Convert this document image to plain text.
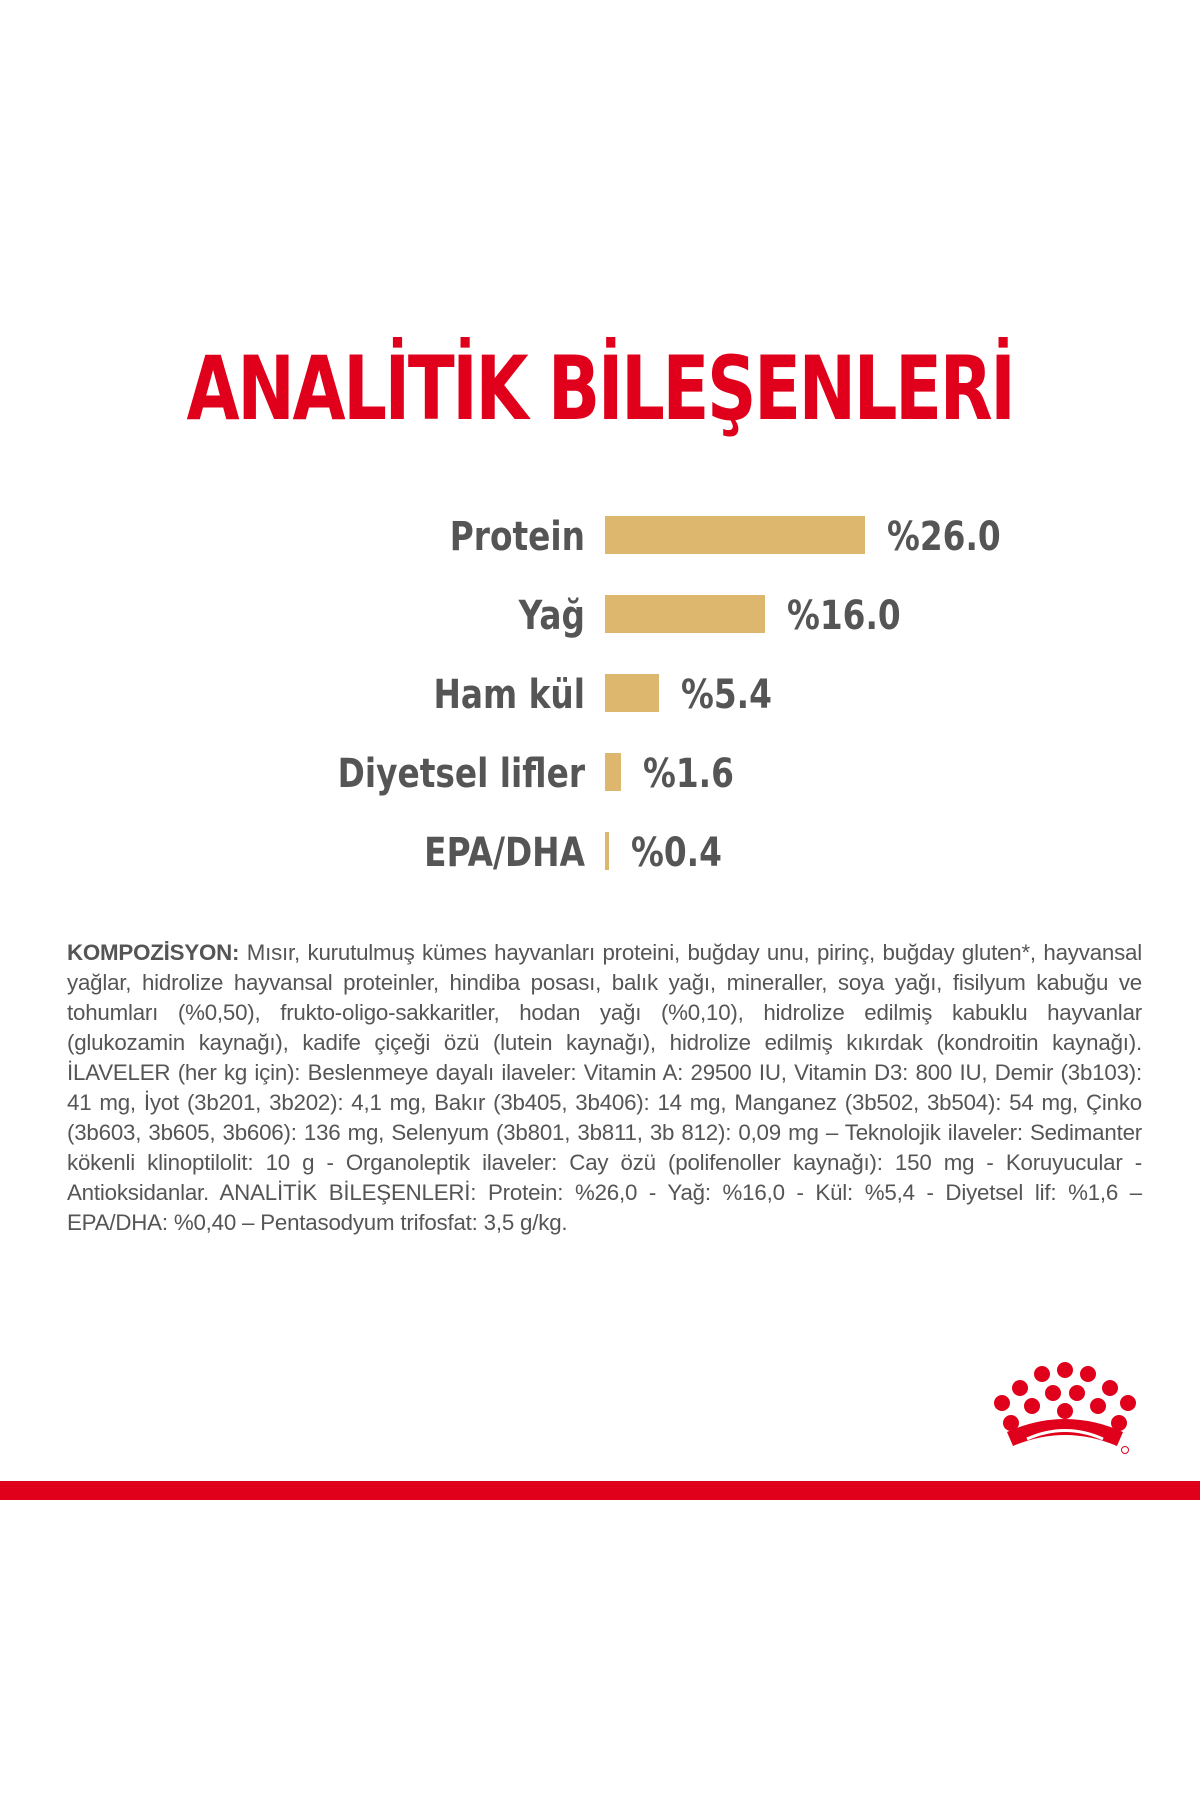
ANALİTİK BİLEŞENLERİ
Protein	%26.0
Yağ	%16.0
Ham kül %5.4
Diyetsel lifler %1.6
EPA/DHA %0.4
KOMPOZİSYON: Mısır, kurutulmuş kümes hayvanları proteini, buğday unu, pirinç, buğday gluten*, hayvansal yağlar, hidrolize hayvansal proteinler, hindiba posası, balık yağı, mineraller, soya yağı, fisilyum kabuğu ve tohumları (%0,50), frukto-oligo-sakkaritler, hodan yağı (%0,10), hidrolize edilmiş kabuklu hayvanlar (glukozamin kaynağı), kadife çiçeği özü (lutein kaynağı), hidrolize edilmiş kıkırdak (kondroitin kaynağı). İLAVELER (her kg için): Beslenmeye dayalı ilaveler: Vitamin A: 29500 IU, Vitamin D3: 800 IU, Demir (3b103): 41 mg, İyot (3b201, 3b202): 4,1 mg, Bakır (3b405, 3b406): 14 mg, Manganez (3b502, 3b504): 54 mg, Çinko (3b603, 3b605, 3b606): 136 mg, Selenyum (3b801, 3b811, 3b 812): 0,09 mg – Teknolojik ilaveler: Sedimanter kökenli klinoptilolit: 10 g - Organoleptik ilaveler: Cay özü (polifenoller kaynağı): 150 mg - Koruyucular - Antioksidanlar. ANALİTİK BİLEŞENLERİ: Protein: %26,0 - Yağ: %16,0 - Kül: %5,4 - Diyetsel lif: %1,6 – EPA/DHA: %0,40 – Pentasodyum trifosfat: 3,5 g/kg.
